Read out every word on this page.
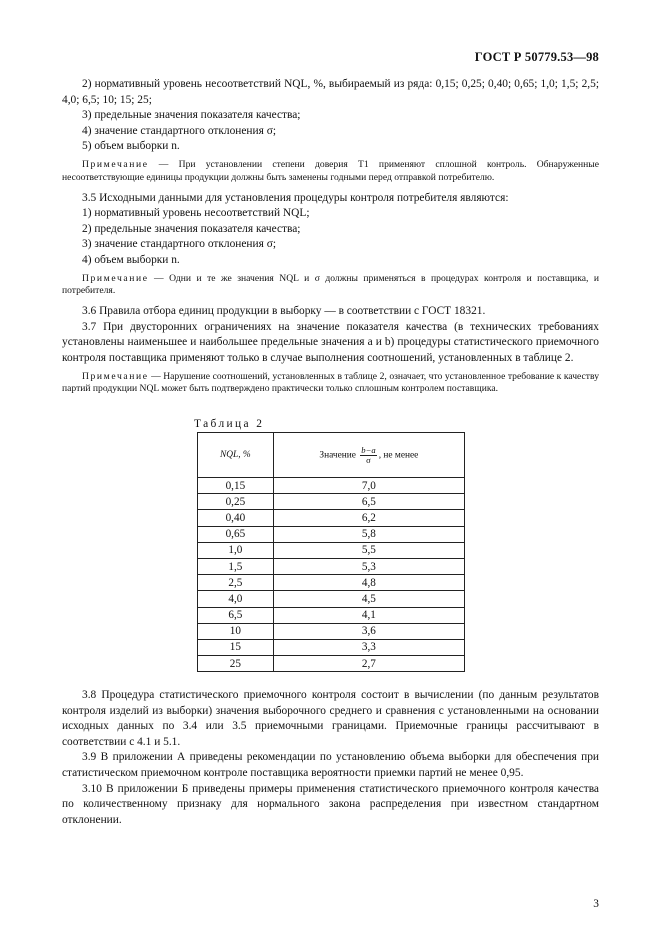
ГОСТ Р 50779.53—98

2) нормативный уровень несоответствий NQL, %, выбираемый из ряда: 0,15; 0,25; 0,40; 0,65; 1,0; 1,5; 2,5; 4,0; 6,5; 10; 15; 25;

3) предельные значения показателя качества;

4) значение стандартного отклонения σ;

5) объем выборки n.

Примечание — При установлении степени доверия Т1 применяют сплошной контроль. Обнаруженные несоответствующие единицы продукции должны быть заменены годными перед отправкой потребителю.

3.5 Исходными данными для установления процедуры контроля потребителя являются:

1) нормативный уровень несоответствий NQL;

2) предельные значения показателя качества;

3) значение стандартного отклонения σ;

4) объем выборки n.

Примечание — Одни и те же значения NQL и σ должны применяться в процедурах контроля и поставщика, и потребителя.

3.6 Правила отбора единиц продукции в выборку — в соответствии с ГОСТ 18321.

3.7 При двусторонних ограничениях на значение показателя качества (в технических требованиях установлены наименьшее и наибольшее предельные значения a и b) процедуры статистического приемочного контроля поставщика применяют только в случае выполнения соотношений, установленных в таблице 2.

Примечание — Нарушение соотношений, установленных в таблице 2, означает, что установленное требование к качеству партий продукции NQL может быть подтверждено практически только сплошным контролем поставщика.

Таблица 2
NQL, %	Значение $\frac{b-a}{\sigma}$ , не менее
0,15	7,0
0,25	6,5
0,40	6,2
0,65	5,8
1,0	5,5
1,5	5,3
2,5	4,8
4,0	4,5
6,5	4,1
10	3,6
15	3,3
25	2,7

3.8 Процедура статистического приемочного контроля состоит в вычислении (по данным результатов контроля изделий из выборки) значения выборочного среднего и сравнения с установленными на основании исходных данных по 3.4 или 3.5 приемочными границами. Приемочные границы рассчитывают в соответствии с 4.1 и 5.1.

3.9 В приложении А приведены рекомендации по установлению объема выборки для обеспечения при статистическом приемочном контроле поставщика вероятности приемки партий не менее 0,95.

3.10 В приложении Б приведены примеры применения статистического приемочного контроля качества по количественному признаку для нормального закона распределения при известном стандартном отклонении.

3
